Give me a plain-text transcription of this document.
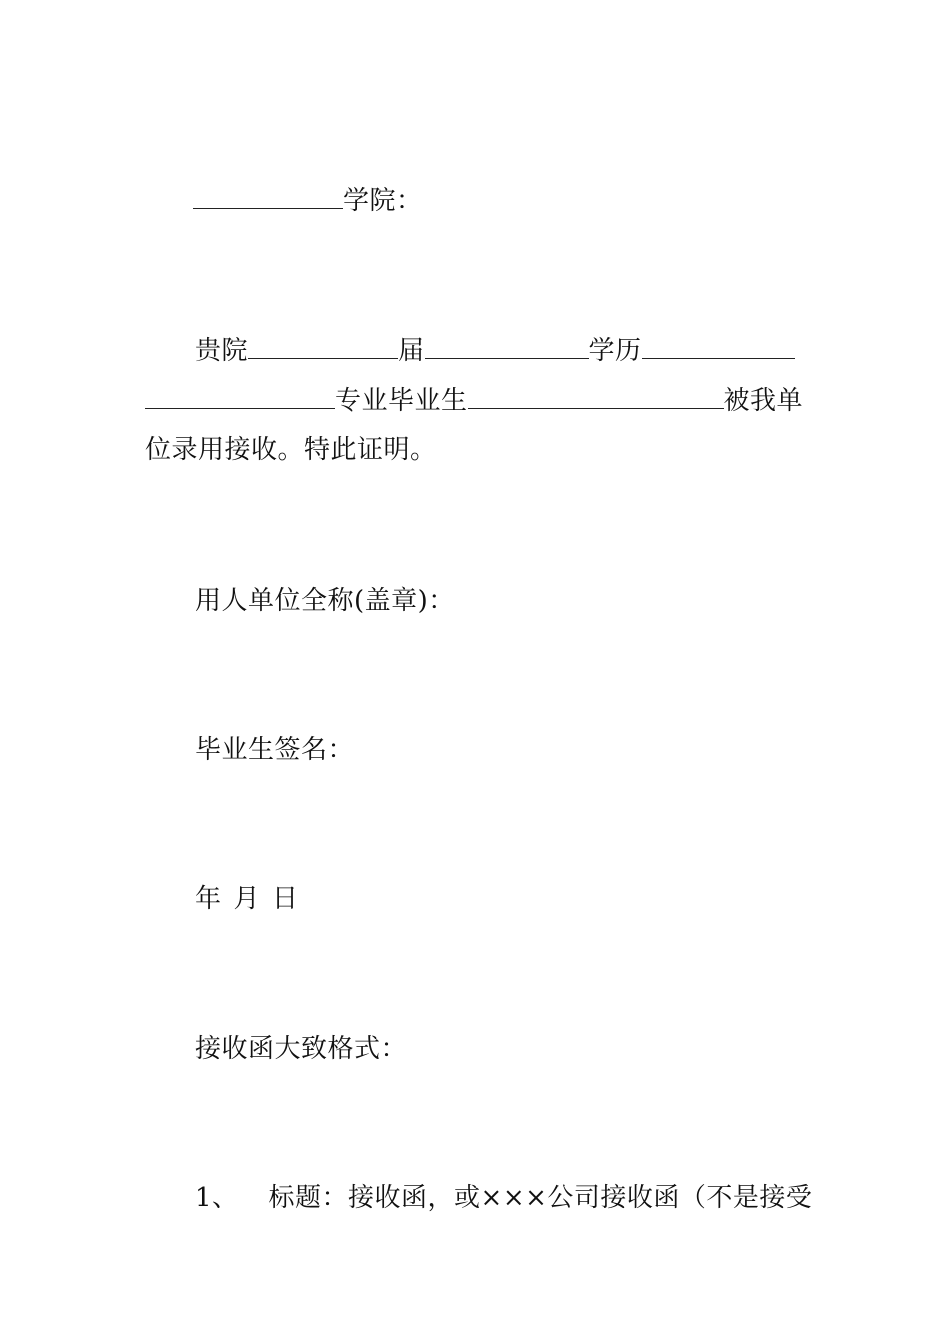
学院：
贵院	届	学历
专业毕业生	被我单
位录用接收。特此证明。
用人单位全称(盖章)：
毕业生签名：
年 月 日
接收函大致格式：
1、 标题：接收函，或×××公司接收函（不是接受
